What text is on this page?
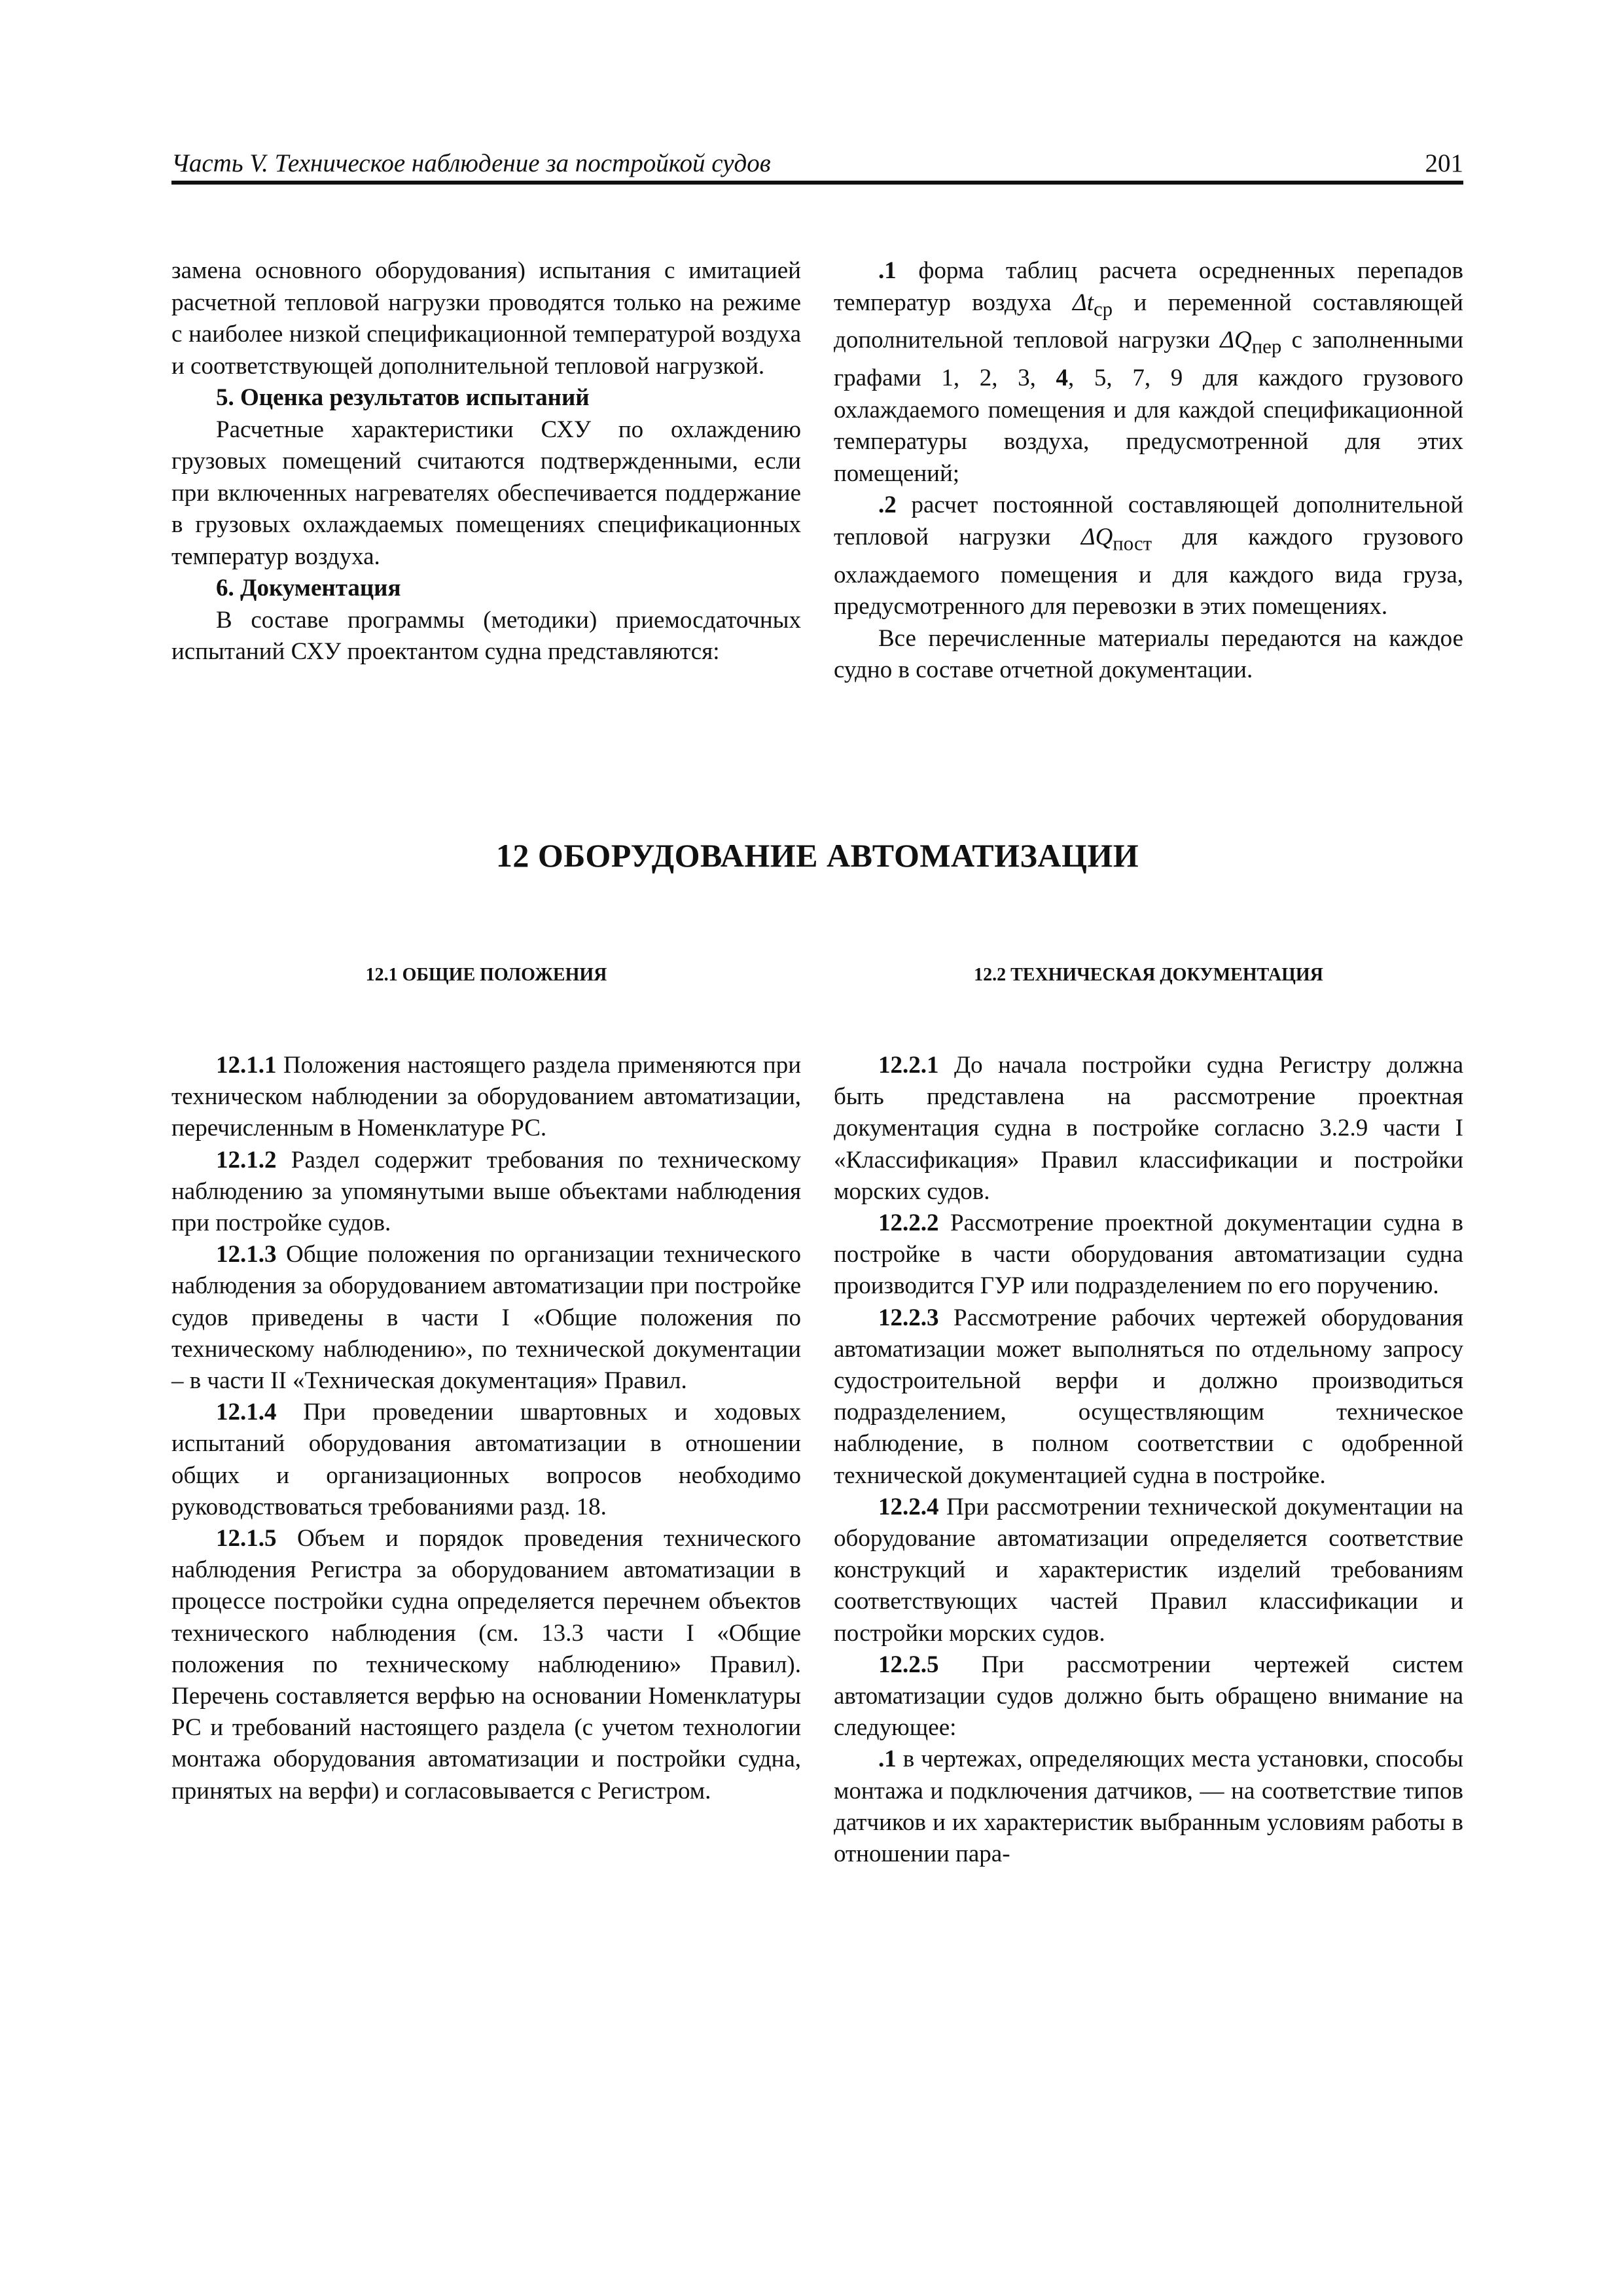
Часть V. Техническое наблюдение за постройкой судов	201

замена основного оборудования) испытания с имитацией расчетной тепловой нагрузки проводятся только на режиме с наиболее низкой спецификационной температурой воздуха и соответствующей дополнительной тепловой нагрузкой.

5. Оценка результатов испытаний

Расчетные характеристики СХУ по охлаждению грузовых помещений считаются подтвержденными, если при включенных нагревателях обеспечивается поддержание в грузовых охлаждаемых помещениях спецификационных температур воздуха.

6. Документация

В составе программы (методики) приемосдаточных испытаний СХУ проектантом судна представляются:

.1 форма таблиц расчета осредненных перепадов температур воздуха $\Delta t_{ср}$ и переменной составляющей дополнительной тепловой нагрузки $\Delta Q_{пер}$ с заполненными графами 1, 2, 3, 4, 5, 7, 9 для каждого грузового охлаждаемого помещения и для каждой спецификационной температуры воздуха, предусмотренной для этих помещений;

.2 расчет постоянной составляющей дополнительной тепловой нагрузки $\Delta Q_{пост}$ для каждого грузового охлаждаемого помещения и для каждого вида груза, предусмотренного для перевозки в этих помещениях.

Все перечисленные материалы передаются на каждое судно в составе отчетной документации.

12 ОБОРУДОВАНИЕ АВТОМАТИЗАЦИИ
12.1 ОБЩИЕ ПОЛОЖЕНИЯ	12.2 ТЕХНИЧЕСКАЯ ДОКУМЕНТАЦИЯ

12.1.1 Положения настоящего раздела применяются при техническом наблюдении за оборудованием автоматизации, перечисленным в Номенклатуре РС.

12.1.2 Раздел содержит требования по техническому наблюдению за упомянутыми выше объектами наблюдения при постройке судов.

12.1.3 Общие положения по организации технического наблюдения за оборудованием автоматизации при постройке судов приведены в части I «Общие положения по техническому наблюдению», по технической документации – в части II «Техническая документация» Правил.

12.1.4 При проведении швартовных и ходовых испытаний оборудования автоматизации в отношении общих и организационных вопросов необходимо руководствоваться требованиями разд. 18.

12.1.5 Объем и порядок проведения технического наблюдения Регистра за оборудованием автоматизации в процессе постройки судна определяется перечнем объектов технического наблюдения (см. 13.3 части I «Общие положения по техническому наблюдению» Правил). Перечень составляется верфью на основании Номенклатуры РС и требований настоящего раздела (с учетом технологии монтажа оборудования автоматизации и постройки судна, принятых на верфи) и согласовывается с Регистром.

12.2.1 До начала постройки судна Регистру должна быть представлена на рассмотрение проектная документация судна в постройке согласно 3.2.9 части I «Классификация» Правил классификации и постройки морских судов.

12.2.2 Рассмотрение проектной документации судна в постройке в части оборудования автоматизации судна производится ГУР или подразделением по его поручению.

12.2.3 Рассмотрение рабочих чертежей оборудования автоматизации может выполняться по отдельному запросу судостроительной верфи и должно производиться подразделением, осуществляющим техническое наблюдение, в полном соответствии с одобренной технической документацией судна в постройке.

12.2.4 При рассмотрении технической документации на оборудование автоматизации определяется соответствие конструкций и характеристик изделий требованиям соответствующих частей Правил классификации и постройки морских судов.

12.2.5 При рассмотрении чертежей систем автоматизации судов должно быть обращено внимание на следующее:

.1 в чертежах, определяющих места установки, способы монтажа и подключения датчиков, — на соответствие типов датчиков и их характеристик выбранным условиям работы в отношении пара-
